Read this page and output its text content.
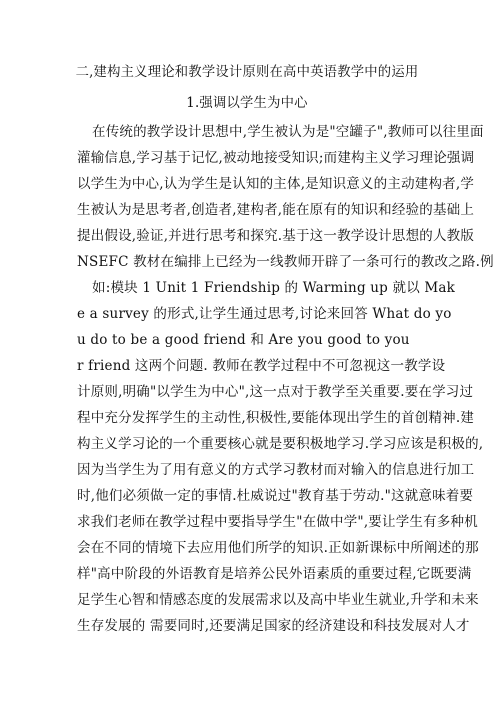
二,建构主义理论和教学设计原则在高中英语教学中的运用
1.强调以学生为中心
在传统的教学设计思想中,学生被认为是"空罐子",教师可以往里面
灌输信息,学习基于记忆,被动地接受知识;而建构主义学习理论强调
以学生为中心,认为学生是认知的主体,是知识意义的主动建构者,学
生被认为是思考者,创造者,建构者,能在原有的知识和经验的基础上
提出假设,验证,并进行思考和探究.基于这一教学设计思想的人教版
NSEFC 教材在编排上已经为一线教师开辟了一条可行的教改之路.例
如:模块 1 Unit 1 Friendship 的 Warming up 就以 Mak
e a survey 的形式,让学生通过思考,讨论来回答 What do yo
u do to be a good friend 和 Are you good to you
r friend 这两个问题. 教师在教学过程中不可忽视这一教学设
计原则,明确"以学生为中心",这一点对于教学至关重要.要在学习过
程中充分发挥学生的主动性,积极性,要能体现出学生的首创精神.建
构主义学习论的一个重要核心就是要积极地学习.学习应该是积极的,
因为当学生为了用有意义的方式学习教材而对输入的信息进行加工
时,他们必须做一定的事情.杜威说过"教育基于劳动."这就意味着要
求我们老师在教学过程中要指导学生"在做中学",要让学生有多种机
会在不同的情境下去应用他们所学的知识.正如新课标中所阐述的那
样"高中阶段的外语教育是培养公民外语素质的重要过程,它既要满
足学生心智和情感态度的发展需求以及高中毕业生就业,升学和未来
生存发展的 需要同时,还要满足国家的经济建设和科技发展对人才
